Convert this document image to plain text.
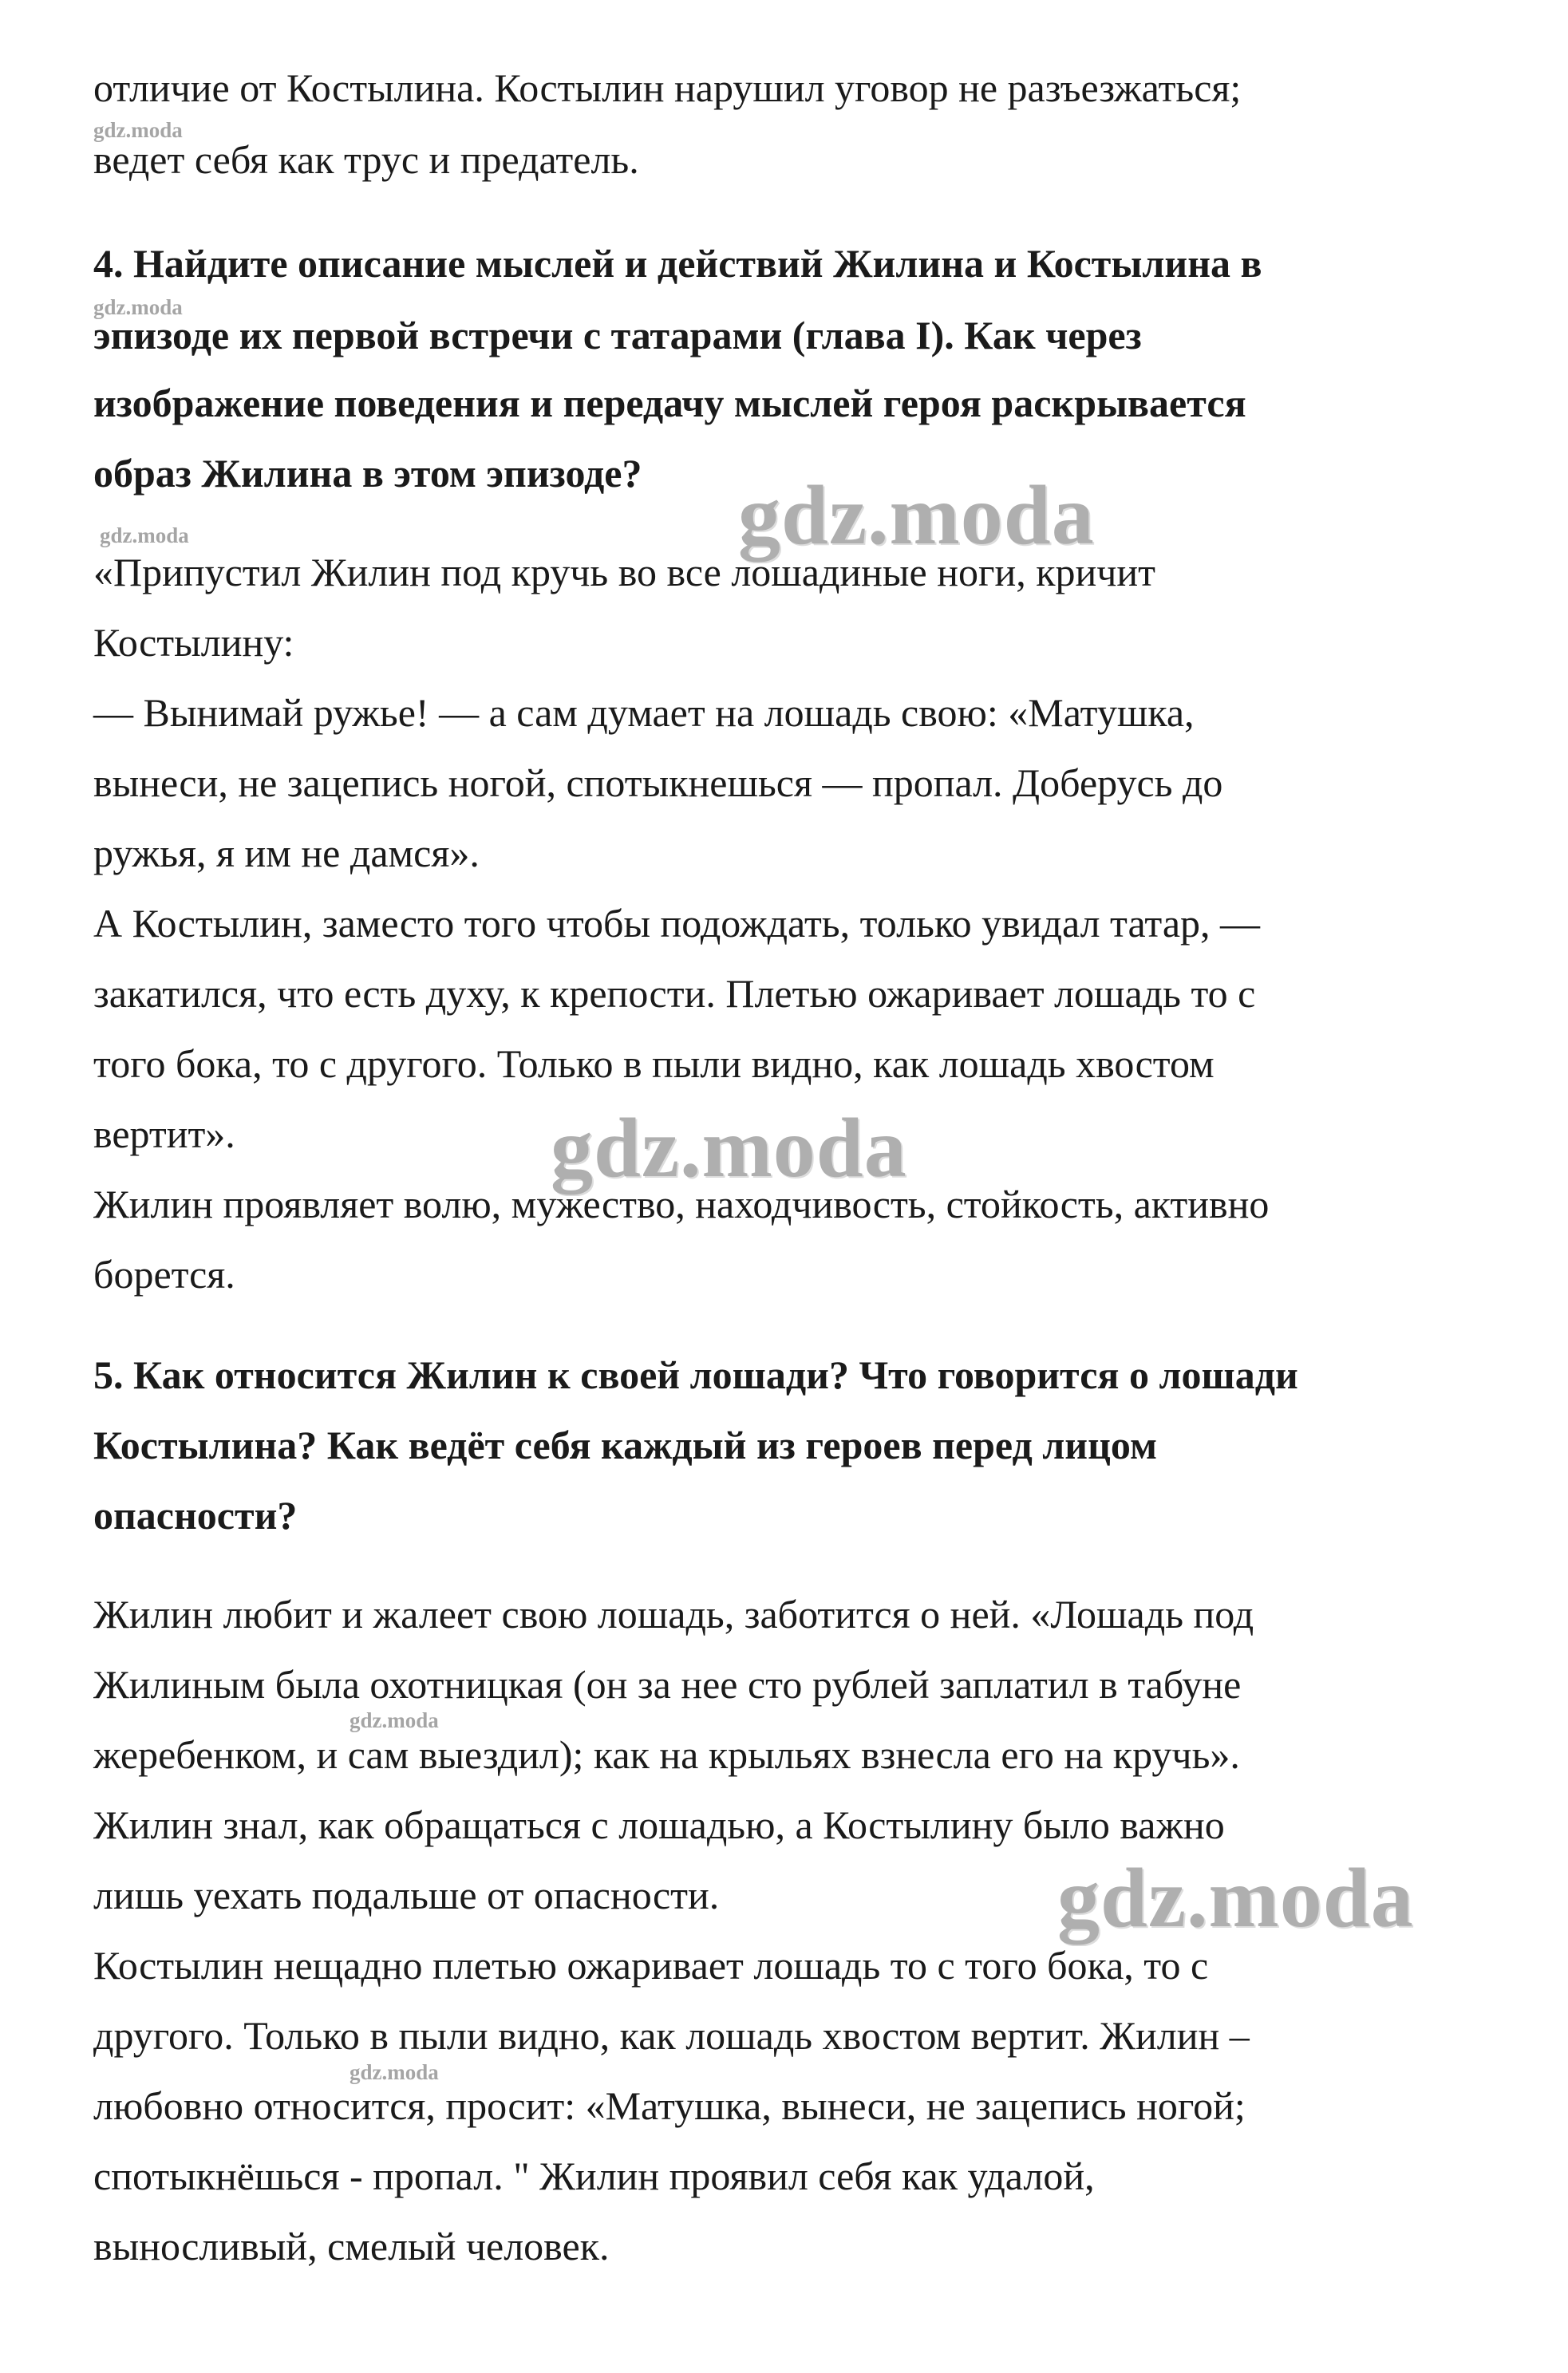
отличие от Костылина. Костылин нарушил уговор не разъезжаться;
ведет себя как трус и предатель.
4. Найдите описание мыслей и действий Жилина и Костылина в
эпизоде их первой встречи с татарами (глава I). Как через
изображение поведения и передачу мыслей героя раскрывается
образ Жилина в этом эпизоде?
«Припустил Жилин под кручь во все лошадиные ноги, кричит
Костылину:
— Вынимай ружье! — а сам думает на лошадь свою: «Матушка,
вынеси, не зацепись ногой, спотыкнешься — пропал. Доберусь до
ружья, я им не дамся».
А Костылин, заместо того чтобы подождать, только увидал татар, —
закатился, что есть духу, к крепости. Плетью ожаривает лошадь то с
того бока, то с другого. Только в пыли видно, как лошадь хвостом
вертит».
Жилин проявляет волю, мужество, находчивость, стойкость, активно
борется.
5. Как относится Жилин к своей лошади? Что говорится о лошади
Костылина? Как ведёт себя каждый из героев перед лицом
опасности?
Жилин любит и жалеет свою лошадь, заботится о ней. «Лошадь под
Жилиным была охотницкая (он за нее сто рублей заплатил в табуне
жеребенком, и сам выездил); как на крыльях взнесла его на кручь».
Жилин знал, как обращаться с лошадью, а Костылину было важно
лишь уехать подальше от опасности.
Костылин нещадно плетью ожаривает лошадь то с того бока, то с
другого. Только в пыли видно, как лошадь хвостом вертит. Жилин –
любовно относится, просит: «Матушка, вынеси, не зацепись ногой;
спотыкнёшься - пропал. " Жилин проявил себя как удалой,
выносливый, смелый человек.
gdz.moda
gdz.moda
gdz.moda
gdz.moda
gdz.moda
gdz.moda
gdz.moda
gdz.moda
